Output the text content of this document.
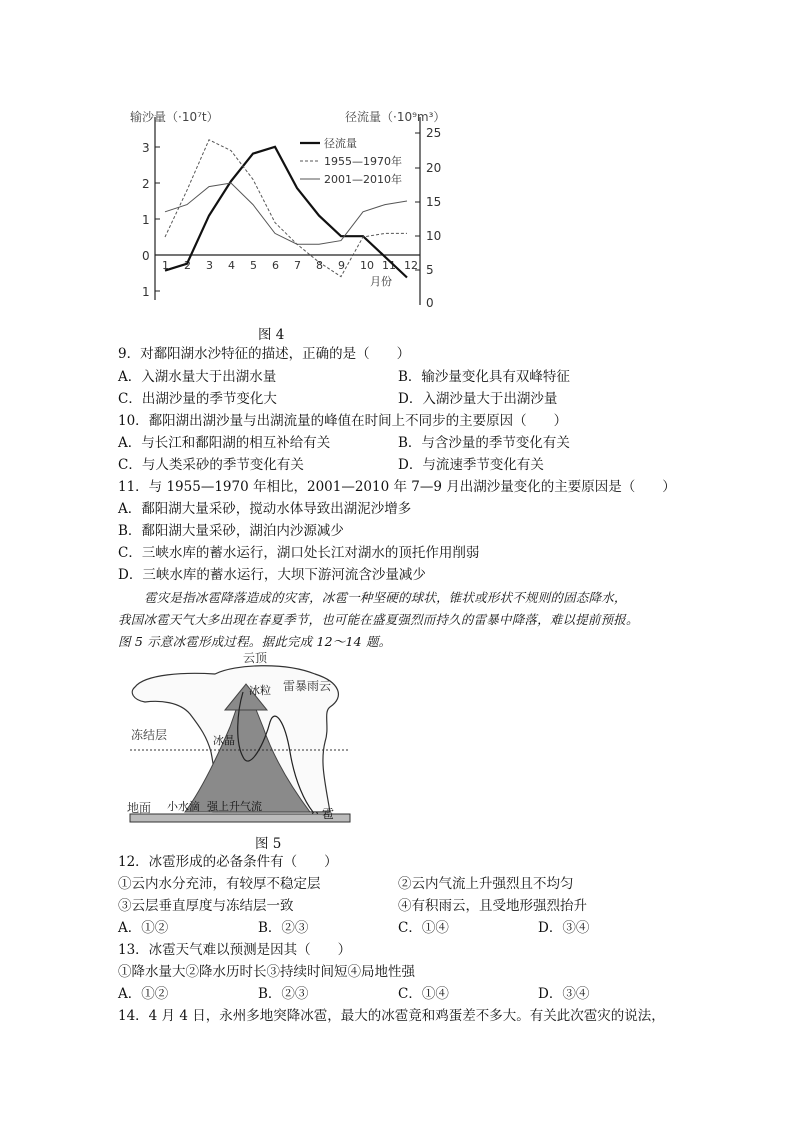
输沙量（·10⁷t）	径流量（·10⁹m³）
3
2
1
0
1
25
20
15
10
5
0
1 2 3 4 5 6 7 8 9 10 11 12
月份
径流量
1955—1970年
2001—2010年
图 4
9．对鄱阳湖水沙特征的描述，正确的是（　　）
A．入湖水量大于出湖水量	B．输沙量变化具有双峰特征
C．出湖沙量的季节变化大	D．入湖沙量大于出湖沙量
10．鄱阳湖出湖沙量与出湖流量的峰值在时间上不同步的主要原因（　　）
A．与长江和鄱阳湖的相互补给有关	B．与含沙量的季节变化有关
C．与人类采砂的季节变化有关	D．与流速季节变化有关
11．与 1955—1970 年相比，2001—2010 年 7—9 月出湖沙量变化的主要原因是（　　）
A．鄱阳湖大量采砂，搅动水体导致出湖泥沙增多
B．鄱阳湖大量采砂，湖泊内沙源减少
C．三峡水库的蓄水运行，湖口处长江对湖水的顶托作用削弱
D．三峡水库的蓄水运行，大坝下游河流含沙量减少
雹灾是指冰雹降落造成的灾害，冰雹一种坚硬的球状，锥状或形状不规则的固态降水，
我国冰雹天气大多出现在春夏季节，也可能在盛夏强烈而持久的雷暴中降落，难以提前预报。
图 5 示意冰雹形成过程。据此完成 12～14 题。
云顶
雷暴雨云
冰粒
冻结层	冰晶
地面 小水滴 强上升气流
雹
图 5
12．冰雹形成的必备条件有（　　）
①云内水分充沛，有较厚不稳定层	②云内气流上升强烈且不均匀
③云层垂直厚度与冻结层一致	④有积雨云，且受地形强烈抬升
A．①②	B．②③	C．①④	D．③④
13．冰雹天气难以预测是因其（　　）
①降水量大②降水历时长③持续时间短④局地性强
A．①②	B．②③	C．①④	D．③④
14．4 月 4 日，永州多地突降冰雹，最大的冰雹竟和鸡蛋差不多大。有关此次雹灾的说法，
